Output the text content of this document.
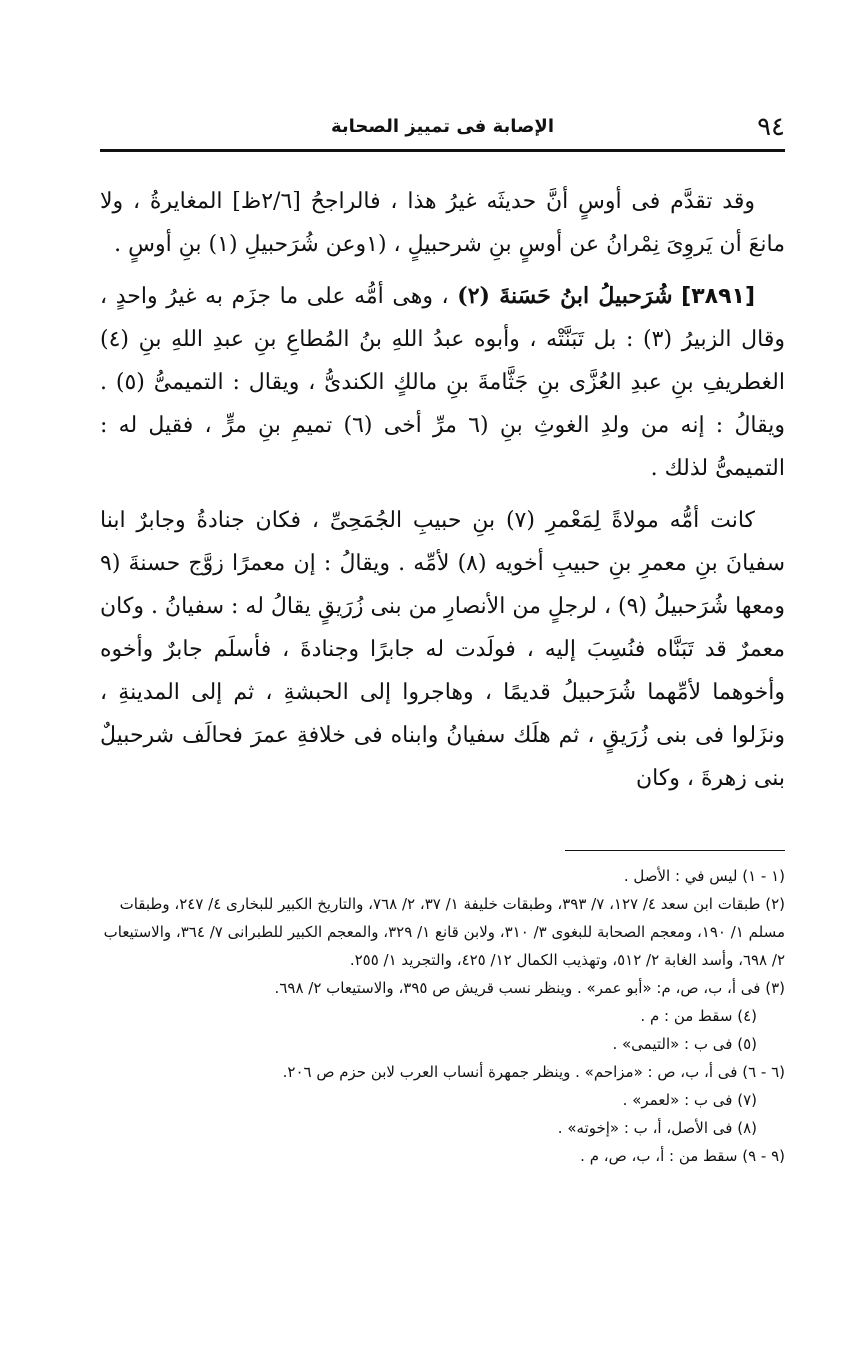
٩٤
الإصابة فى تمييز الصحابة

وقد تقدَّم فى أوسٍ أنَّ حديثَه غيرُ هذا ، فالراجحُ [٢/٦ظ] المغايرةُ ، ولا مانعَ أن يَروِىَ نِمْرانُ عن أوسٍ بنِ شرحبيلٍ ، (١وعن شُرَحبيلِ (١) بنِ أوسٍ .

[٣٨٩١] شُرَحبيلُ ابنُ حَسَنةَ (٢) ، وهى أمُّه على ما جزَم به غيرُ واحدٍ ، وقال الزبيرُ (٣) : بل تَبَنَّتْه ، وأبوه عبدُ اللهِ بنُ المُطاعِ بنِ عبدِ اللهِ بنِ (٤) الغطريفِ بنِ عبدِ العُزَّى بنِ جَثَّامةَ بنِ مالكٍ الكندىُّ ، ويقال : التميمىُّ (٥) . ويقالُ : إنه من ولدِ الغوثِ بنِ (٦ مرِّ أخى (٦) تميمِ بنِ مرٍّ ، فقيل له : التميمىُّ لذلك .

كانت أمُّه مولاةً لِمَعْمرِ (٧) بنِ حبيبِ الجُمَحِىِّ ، فكان جنادةُ وجابرٌ ابنا سفيانَ بنِ معمرِ بنِ حبيبِ أخويه (٨) لأمِّه . ويقالُ : إن معمرًا زوَّج حسنةَ (٩ ومعها شُرَحبيلُ (٩) ، لرجلٍ من الأنصارِ من بنى زُرَيقٍ يقالُ له : سفيانُ . وكان معمرٌ قد تَبَنَّاه فنُسِبَ إليه ، فولَدت له جابرًا وجنادةَ ، فأسلَم جابرٌ وأخوه وأخوهما لأمِّهما شُرَحبيلُ قديمًا ، وهاجروا إلى الحبشةِ ، ثم إلى المدينةِ ، ونزَلوا فى بنى زُرَيقٍ ، ثم هلَك سفيانُ وابناه فى خلافةِ عمرَ فحالَف شرحبيلٌ بنى زهرةَ ، وكان

(١ - ١) ليس في : الأصل .

(٢) طبقات ابن سعد ٤/ ١٢٧، ٧/ ٣٩٣، وطبقات خليفة ١/ ٣٧، ٢/ ٧٦٨، والتاريخ الكبير للبخارى ٤/ ٢٤٧، وطبقات مسلم ١/ ١٩٠، ومعجم الصحابة للبغوى ٣/ ٣١٠، ولابن قانع ١/ ٣٢٩، والمعجم الكبير للطبرانى ٧/ ٣٦٤، والاستيعاب ٢/ ٦٩٨، وأسد الغابة ٢/ ٥١٢، وتهذيب الكمال ١٢/ ٤٢٥، والتجريد ١/ ٢٥٥.

(٣) فى أ، ب، ص، م: «أبو عمر» . وينظر نسب قريش ص ٣٩٥، والاستيعاب ٢/ ٦٩٨.

(٤) سقط من : م .

(٥) فى ب : «التيمى» .

(٦ - ٦) فى أ، ب، ص : «مزاحم» . وينظر جمهرة أنساب العرب لابن حزم ص ٢٠٦.

(٧) فى ب : «لعمر» .

(٨) فى الأصل، أ، ب : «إخوته» .

(٩ - ٩) سقط من : أ، ب، ص، م .
